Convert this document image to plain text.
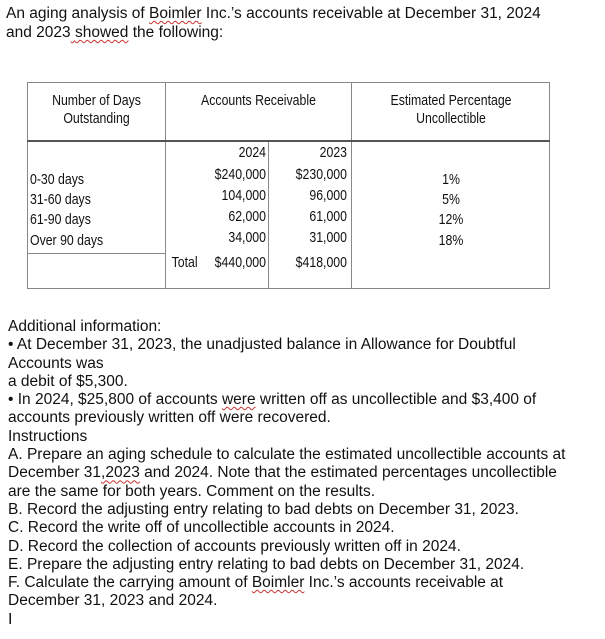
An aging analysis of Boimler Inc.’s accounts receivable at December 31, 2024

and 2023 showed the following:

Number of Days
Outstanding
Accounts Receivable	Estimated Percentage
Uncollectible
2024	2023
0-30 days	$240,000	$230,000	1%
31-60 days	104,000	96,000	5%
61-90 days	62,000	61,000	12%
Over 90 days	34,000	31,000	18%
Total	$440,000	$418,000

Additional information:

• At December 31, 2023, the unadjusted balance in Allowance for Doubtful

Accounts was

a debit of $5,300.

• In 2024, $25,800 of accounts were written off as uncollectible and $3,400 of

accounts previously written off were recovered.

Instructions

A. Prepare an aging schedule to calculate the estimated uncollectible accounts at

December 31,2023 and 2024. Note that the estimated percentages uncollectible

are the same for both years. Comment on the results.

B. Record the adjusting entry relating to bad debts on December 31, 2023.

C. Record the write off of uncollectible accounts in 2024.

D. Record the collection of accounts previously written off in 2024.

E. Prepare the adjusting entry relating to bad debts on December 31, 2024.

F. Calculate the carrying amount of Boimler Inc.’s accounts receivable at

December 31, 2023 and 2024.

I
